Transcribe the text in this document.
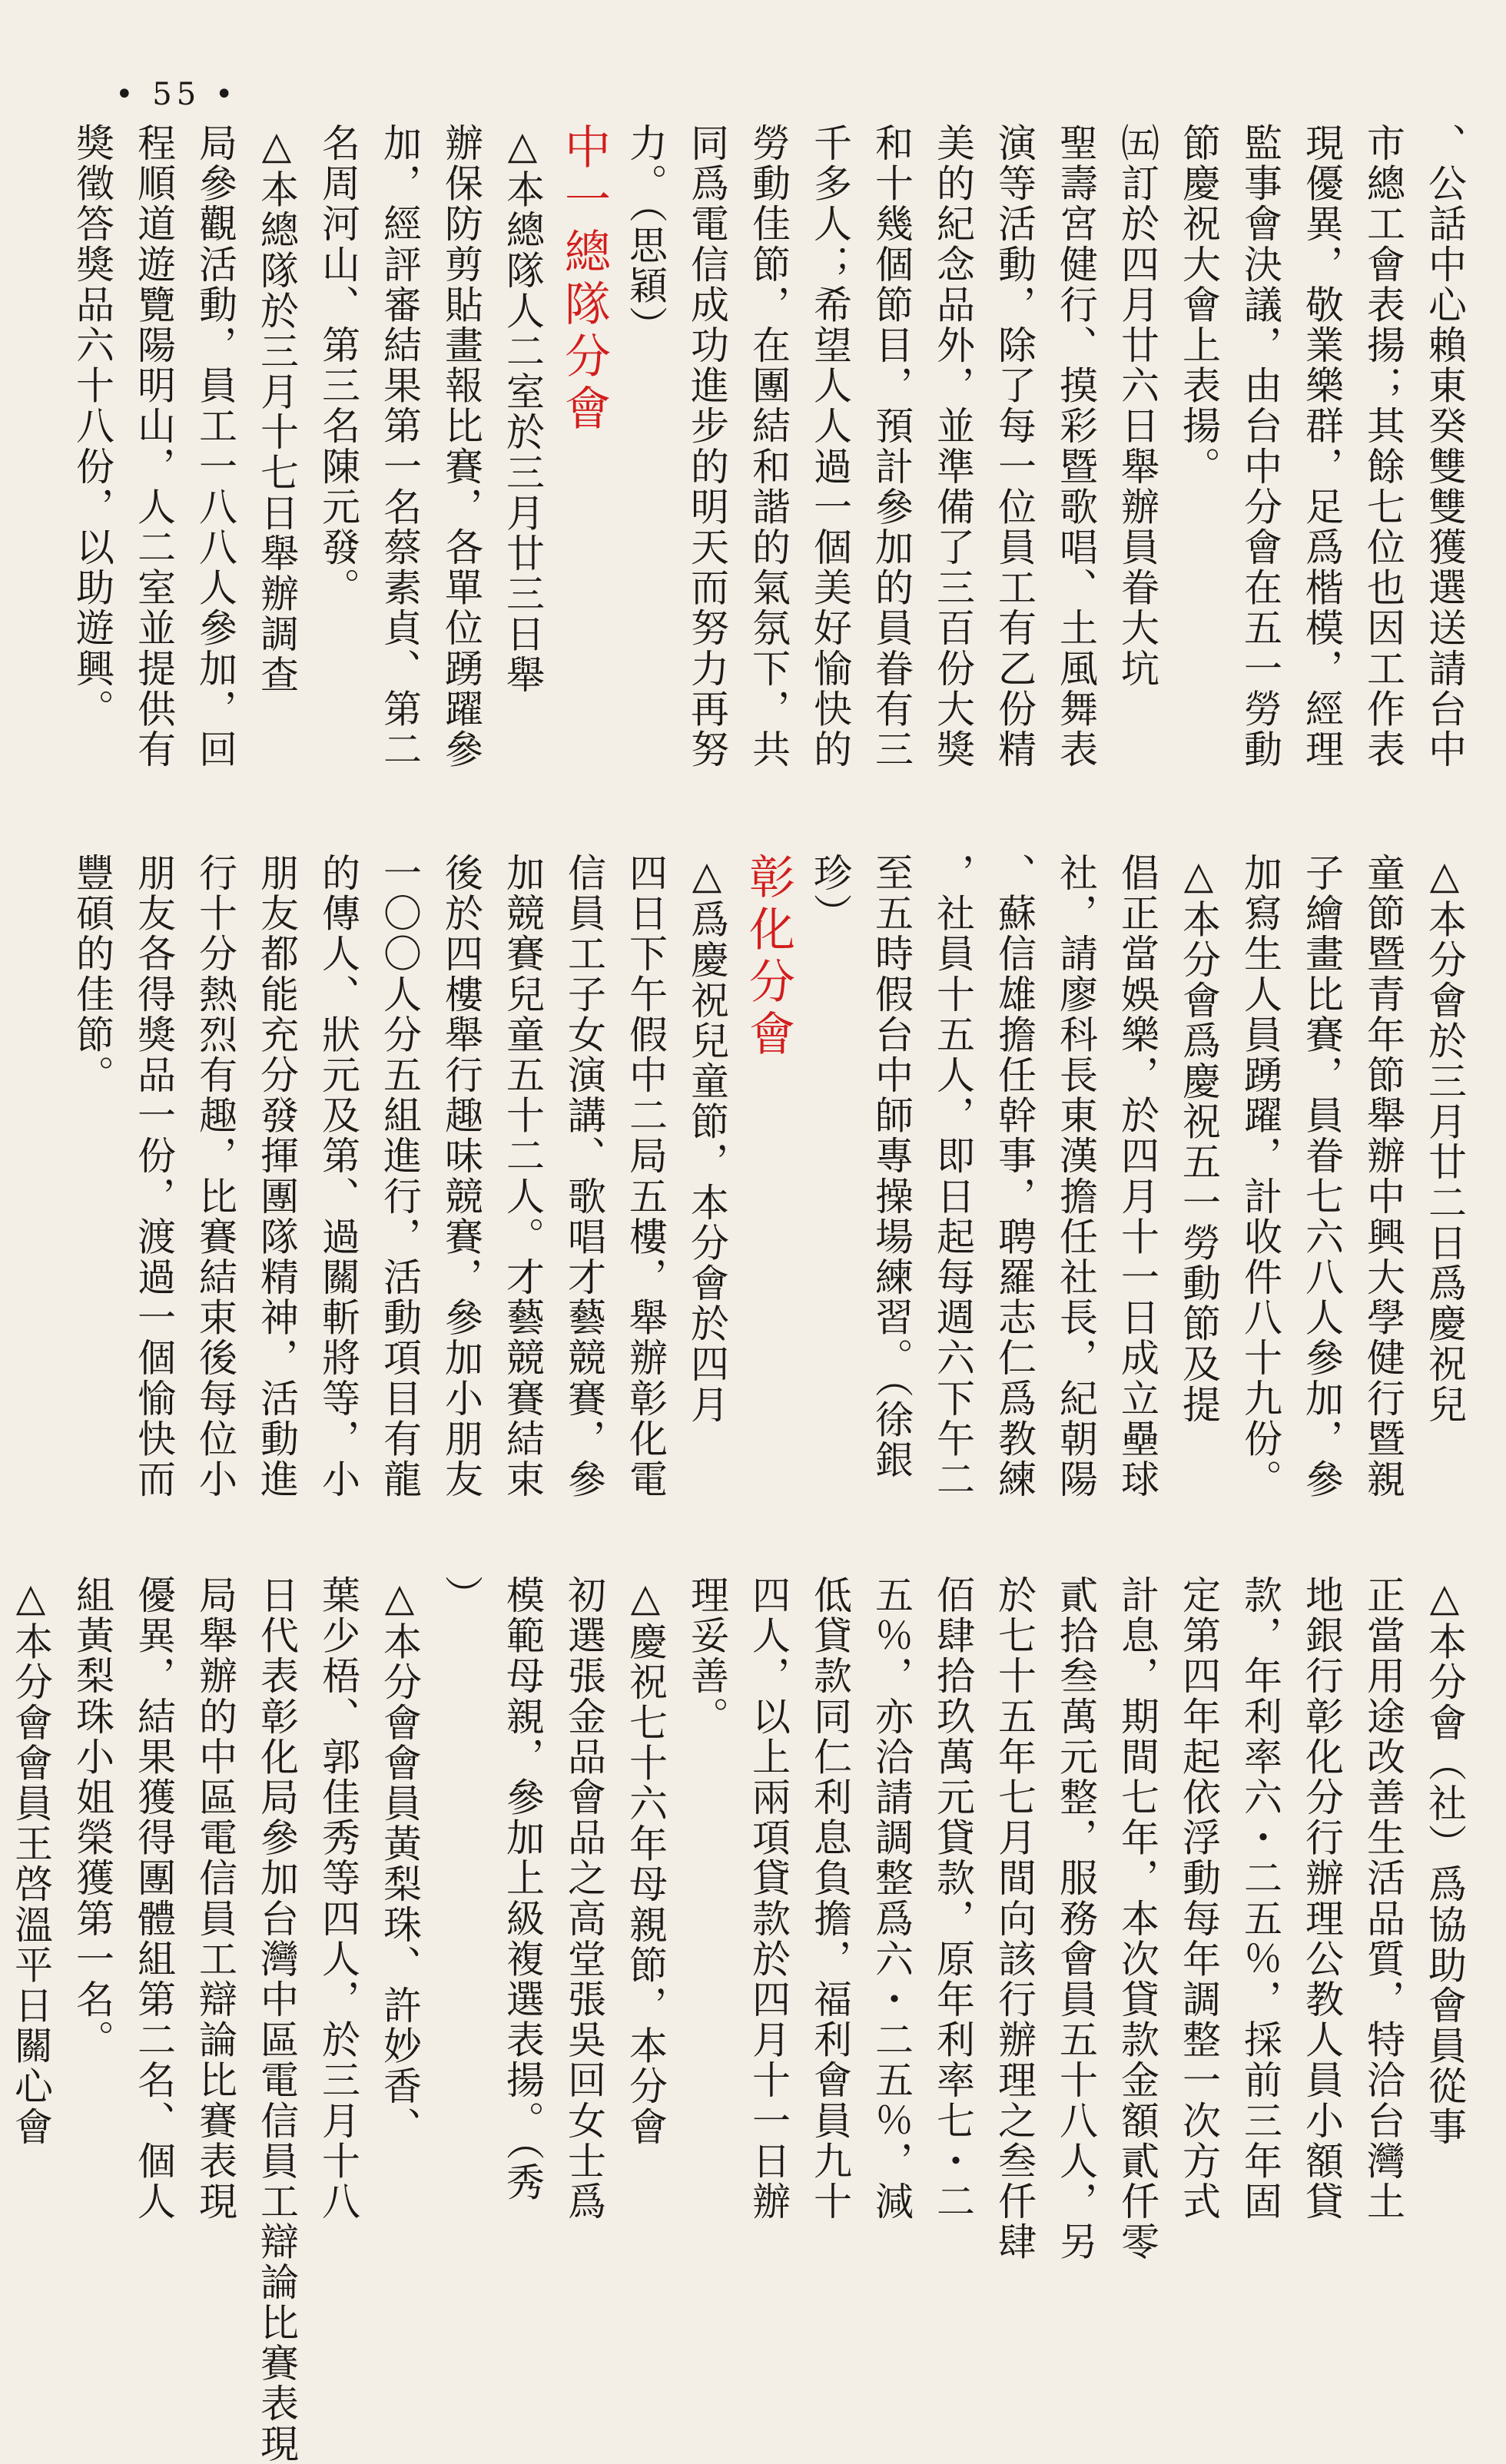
• 55 •

、公話中心賴東癸雙雙獲選送請台中

市總工會表揚；其餘七位也因工作表

現優異，敬業樂群，足爲楷模，經理

監事會決議，由台中分會在五一勞動

節慶祝大會上表揚。

㈤訂於四月廿六日舉辦員眷大坑

聖壽宮健行、摸彩暨歌唱、土風舞表

演等活動，除了每一位員工有乙份精

美的紀念品外，並準備了三百份大獎

和十幾個節目，預計參加的員眷有三

千多人；希望人人過一個美好愉快的

勞動佳節，在團結和諧的氣氛下，共

同爲電信成功進步的明天而努力再努

力。（思穎）

中一總隊分會

△本總隊人二室於三月廿三日舉

辦保防剪貼畫報比賽，各單位踴躍參

加，經評審結果第一名蔡素貞、第二

名周河山、第三名陳元發。

△本總隊於三月十七日舉辦調查

局參觀活動，員工一八八人參加，回

程順道遊覽陽明山，人二室並提供有

獎徵答獎品六十八份，以助遊興。

△本分會於三月廿二日爲慶祝兒

童節暨青年節舉辦中興大學健行暨親

子繪畫比賽，員眷七六八人參加，參

加寫生人員踴躍，計收件八十九份。

△本分會爲慶祝五一勞動節及提

倡正當娛樂，於四月十一日成立壘球

社，請廖科長東漢擔任社長，紀朝陽

、蘇信雄擔任幹事，聘羅志仁爲教練

，社員十五人，即日起每週六下午二

至五時假台中師專操場練習。（徐銀

珍）

彰化分會

△爲慶祝兒童節，本分會於四月

四日下午假中二局五樓，舉辦彰化電

信員工子女演講、歌唱才藝競賽，參

加競賽兒童五十二人。才藝競賽結束

後於四樓舉行趣味競賽，參加小朋友

一〇〇人分五組進行，活動項目有龍

的傳人、狀元及第、過關斬將等，小

朋友都能充分發揮團隊精神，活動進

行十分熱烈有趣，比賽結束後每位小

朋友各得獎品一份，渡過一個愉快而

豐碩的佳節。

△本分會（社）爲協助會員從事

正當用途改善生活品質，特洽台灣土

地銀行彰化分行辦理公教人員小額貸

款，年利率六・二五％，採前三年固

定第四年起依浮動每年調整一次方式

計息，期間七年，本次貸款金額貳仟零

貳拾叁萬元整，服務會員五十八人，另

於七十五年七月間向該行辦理之叁仟肆

佰肆拾玖萬元貸款，原年利率七・二

五％，亦洽請調整爲六・二五％，減

低貸款同仁利息負擔，福利會員九十

四人，以上兩項貸款於四月十一日辦

理妥善。

△慶祝七十六年母親節，本分會

初選張金品會品之高堂張吳回女士爲

模範母親，參加上級複選表揚。（秀

）

△本分會會員黃梨珠、許妙香、

葉少梧、郭佳秀等四人，於三月十八

日代表彰化局參加台灣中區電信員工辯論比賽表現

局舉辦的中區電信員工辯論比賽表現

優異，結果獲得團體組第二名、個人

組黃梨珠小姐榮獲第一名。

△本分會會員王啓溫平日關心會
